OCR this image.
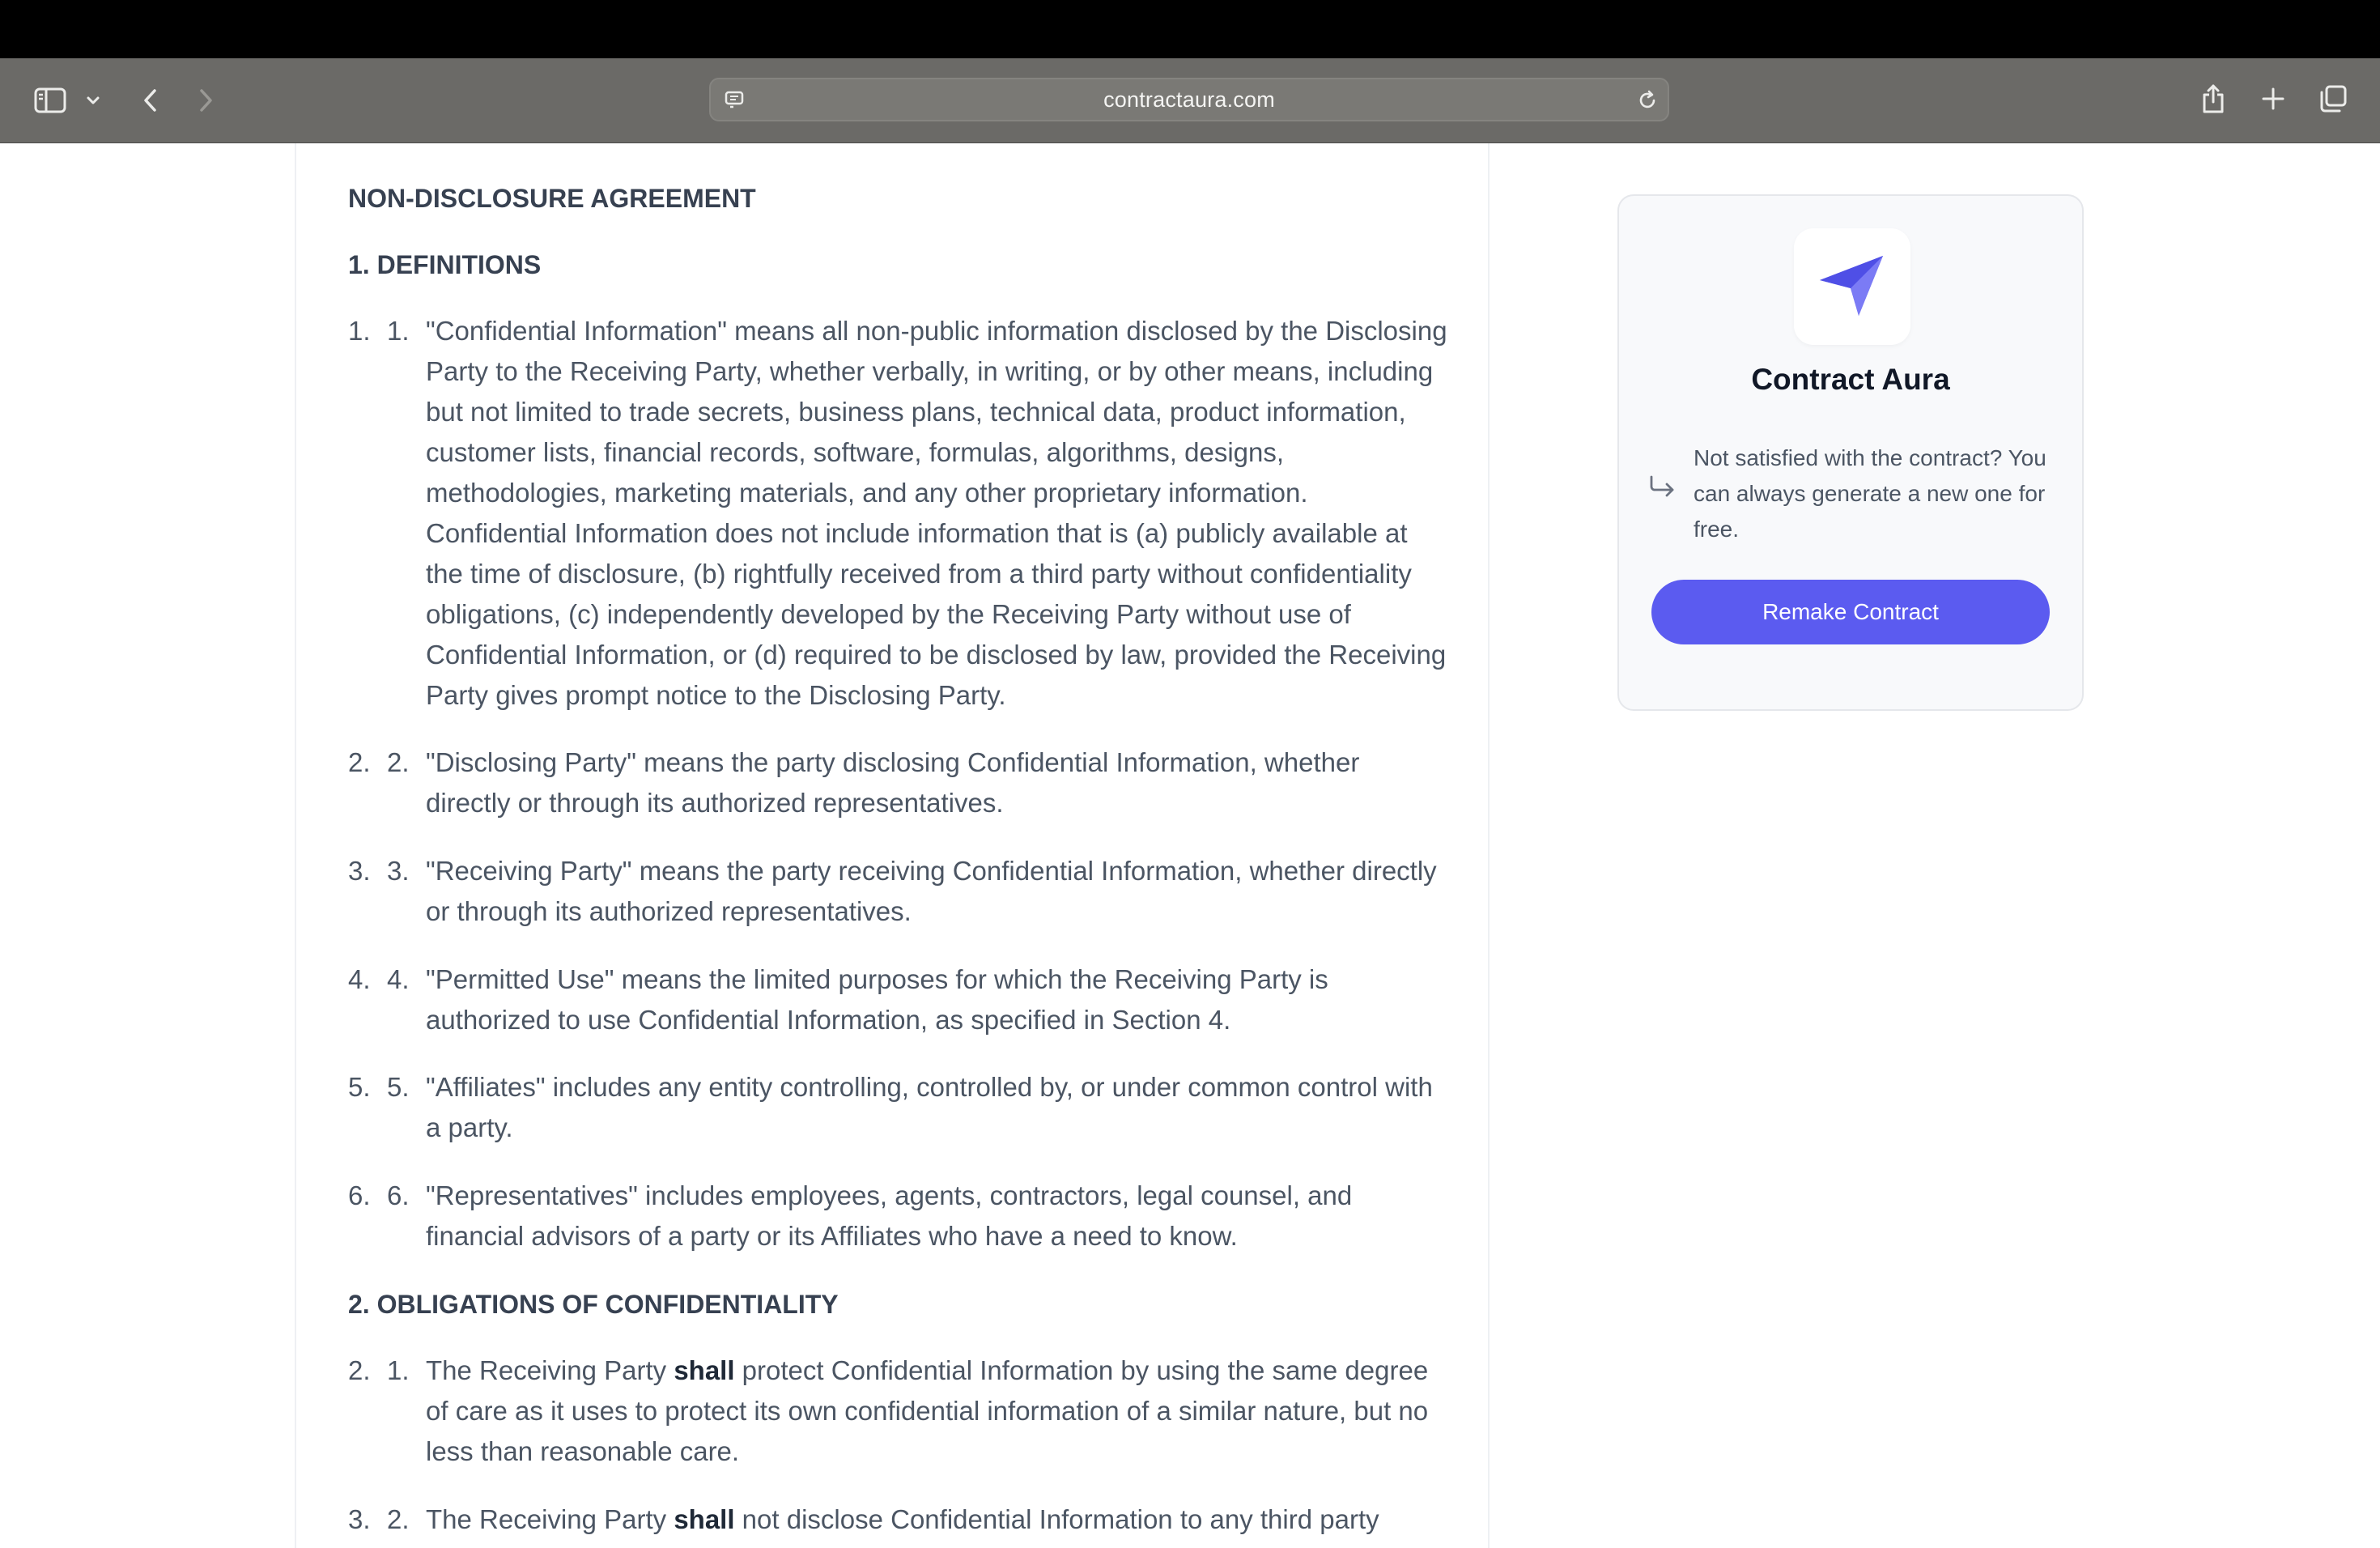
contractaura.com
NON-DISCLOSURE AGREEMENT
1. DEFINITIONS
1. 1. "Confidential Information" means all non-public information disclosed by the Disclosing Party to the Receiving Party, whether verbally, in writing, or by other means, including but not limited to trade secrets, business plans, technical data, product information, customer lists, financial records, software, formulas, algorithms, designs, methodologies, marketing materials, and any other proprietary information. Confidential Information does not include information that is (a) publicly available at the time of disclosure, (b) rightfully received from a third party without confidentiality obligations, (c) independently developed by the Receiving Party without use of Confidential Information, or (d) required to be disclosed by law, provided the Receiving Party gives prompt notice to the Disclosing Party.
2. 2. "Disclosing Party" means the party disclosing Confidential Information, whether directly or through its authorized representatives.
3. 3. "Receiving Party" means the party receiving Confidential Information, whether directly or through its authorized representatives.
4. 4. "Permitted Use" means the limited purposes for which the Receiving Party is authorized to use Confidential Information, as specified in Section 4.
5. 5. "Affiliates" includes any entity controlling, controlled by, or under common control with a party.
6. 6. "Representatives" includes employees, agents, contractors, legal counsel, and financial advisors of a party or its Affiliates who have a need to know.
2. OBLIGATIONS OF CONFIDENTIALITY
2. 1. The Receiving Party shall protect Confidential Information by using the same degree of care as it uses to protect its own confidential information of a similar nature, but no less than reasonable care.
3. 2. The Receiving Party shall not disclose Confidential Information to any third party
Contract Aura
Not satisfied with the contract? You can always generate a new one for free.
Remake Contract
